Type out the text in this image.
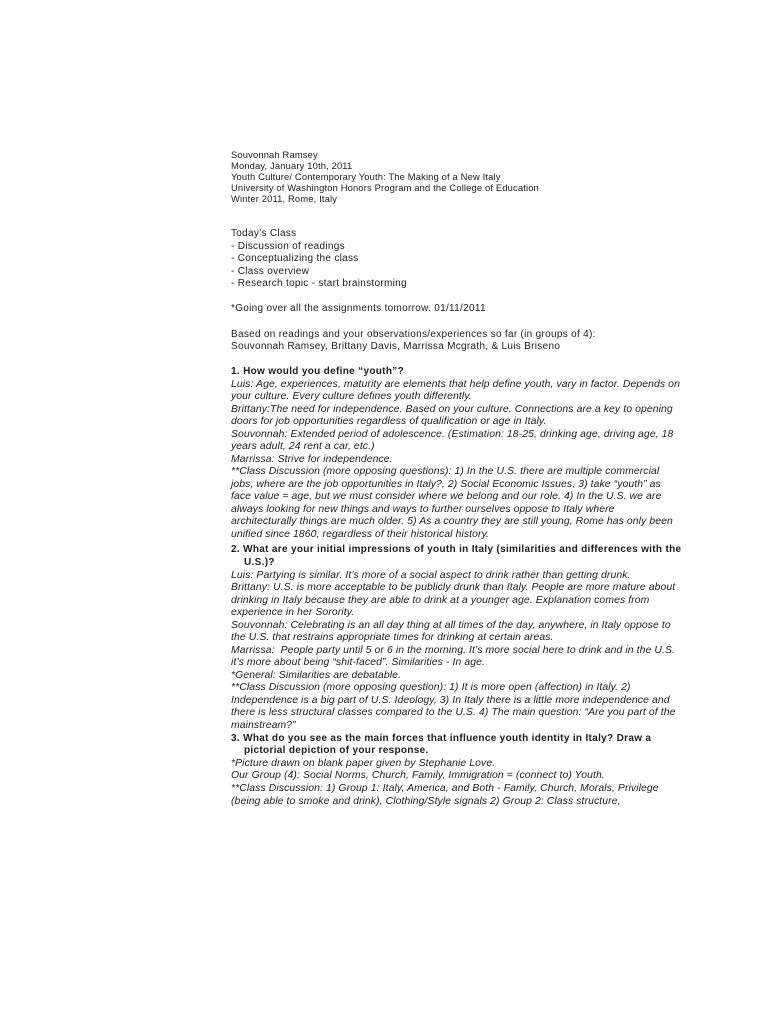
Souvonnah Ramsey
Monday, January 10th, 2011
Youth Culture/ Contemporary Youth: The Making of a New Italy
University of Washington Honors Program and the College of Education
Winter 2011, Rome, Italy
Today’s Class
- Discussion of readings
- Conceptualizing the class
- Class overview
- Research topic - start brainstorming
*Going over all the assignments tomorrow. 01/11/2011
Based on readings and your observations/experiences so far (in groups of 4):
Souvonnah Ramsey, Brittany Davis, Marrissa Mcgrath, & Luis Briseno
1. How would you define “youth”?
Luis: Age, experiences, maturity are elements that help define youth, vary in factor. Depends on
your culture. Every culture defines youth differently.
Brittany:The need for independence. Based on your culture. Connections are a key to opening
doors for job opportunities regardless of qualification or age in Italy.
Souvonnah: Extended period of adolescence. (Estimation: 18-25, drinking age, driving age, 18
years adult, 24 rent a car, etc.)
Marrissa: Strive for independence.
**Class Discussion (more opposing questions): 1) In the U.S. there are multiple commercial
jobs, where are the job opportunities in Italy?, 2) Social Economic Issues, 3) take “youth” as
face value = age, but we must consider where we belong and our role. 4) In the U.S. we are
always looking for new things and ways to further ourselves oppose to Italy where
architecturally things are much older. 5) As a country they are still young, Rome has only been
unified since 1860, regardless of their historical history.
2. What are your initial impressions of youth in Italy (similarities and differences with the
U.S.)?
Luis: Partying is similar. It’s more of a social aspect to drink rather than getting drunk.
Brittany: U.S. is more acceptable to be publicly drunk than Italy. People are more mature about
drinking in Italy because they are able to drink at a younger age. Explanation comes from
experience in her Sorority.
Souvonnah: Celebrating is an all day thing at all times of the day, anywhere, in Italy oppose to
the U.S. that restrains appropriate times for drinking at certain areas.
Marrissa:  People party until 5 or 6 in the morning. It’s more social here to drink and in the U.S.
it’s more about being “shit-faced”. Similarities - In age.
*General: Similarities are debatable.
**Class Discussion (more opposing question): 1) It is more open (affection) in Italy. 2)
Independence is a big part of U.S. Ideology, 3) In Italy there is a little more independence and
there is less structural classes compared to the U.S. 4) The main question: “Are you part of the
mainstream?”
3. What do you see as the main forces that influence youth identity in Italy? Draw a
pictorial depiction of your response.
*Picture drawn on blank paper given by Stephanie Love.
Our Group (4): Social Norms, Church, Family, Immigration = (connect to) Youth.
**Class Discussion: 1) Group 1: Italy, America, and Both - Family, Church, Morals, Privilege
(being able to smoke and drink), Clothing/Style signals 2) Group 2: Class structure,
